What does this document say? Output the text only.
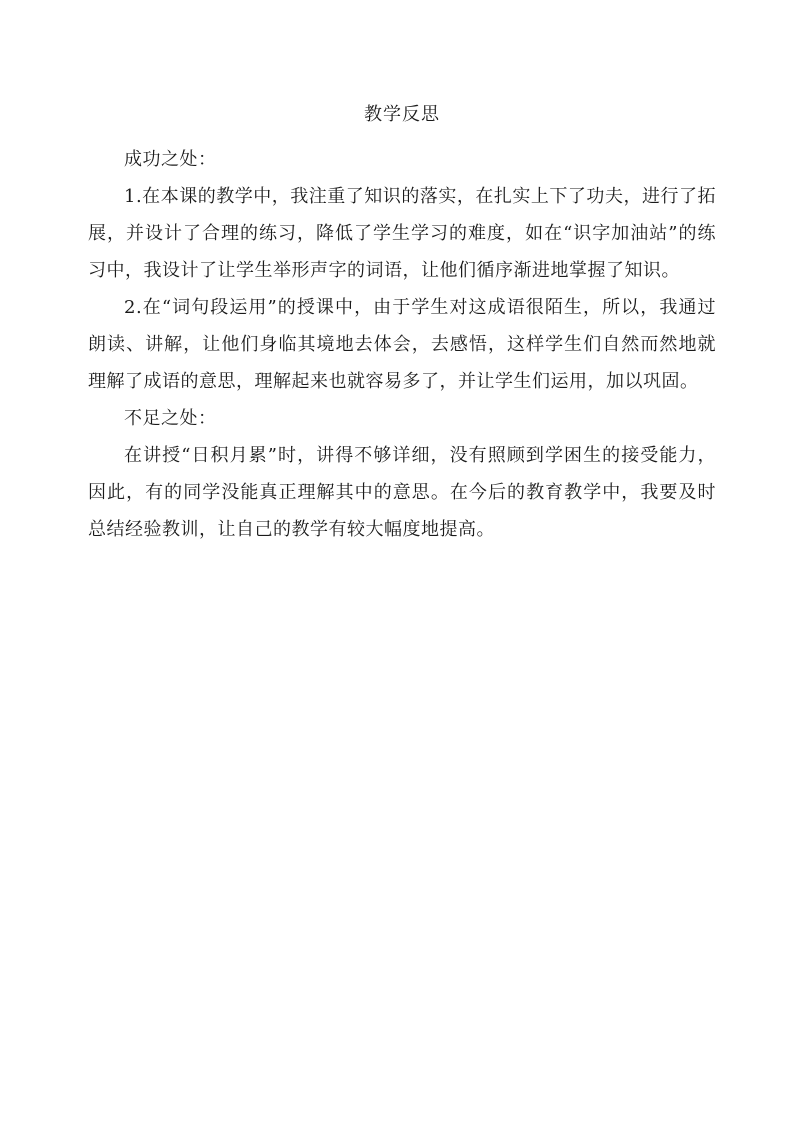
教学反思

成功之处：

1.在本课的教学中，我注重了知识的落实，在扎实上下了功夫，进行了拓展，并设计了合理的练习，降低了学生学习的难度，如在“识字加油站”的练习中，我设计了让学生举形声字的词语，让他们循序渐进地掌握了知识。

2.在“词句段运用”的授课中，由于学生对这成语很陌生，所以，我通过朗读、讲解，让他们身临其境地去体会，去感悟，这样学生们自然而然地就理解了成语的意思，理解起来也就容易多了，并让学生们运用，加以巩固。

不足之处：

在讲授“日积月累”时，讲得不够详细，没有照顾到学困生的接受能力，因此，有的同学没能真正理解其中的意思。在今后的教育教学中，我要及时总结经验教训，让自己的教学有较大幅度地提高。
